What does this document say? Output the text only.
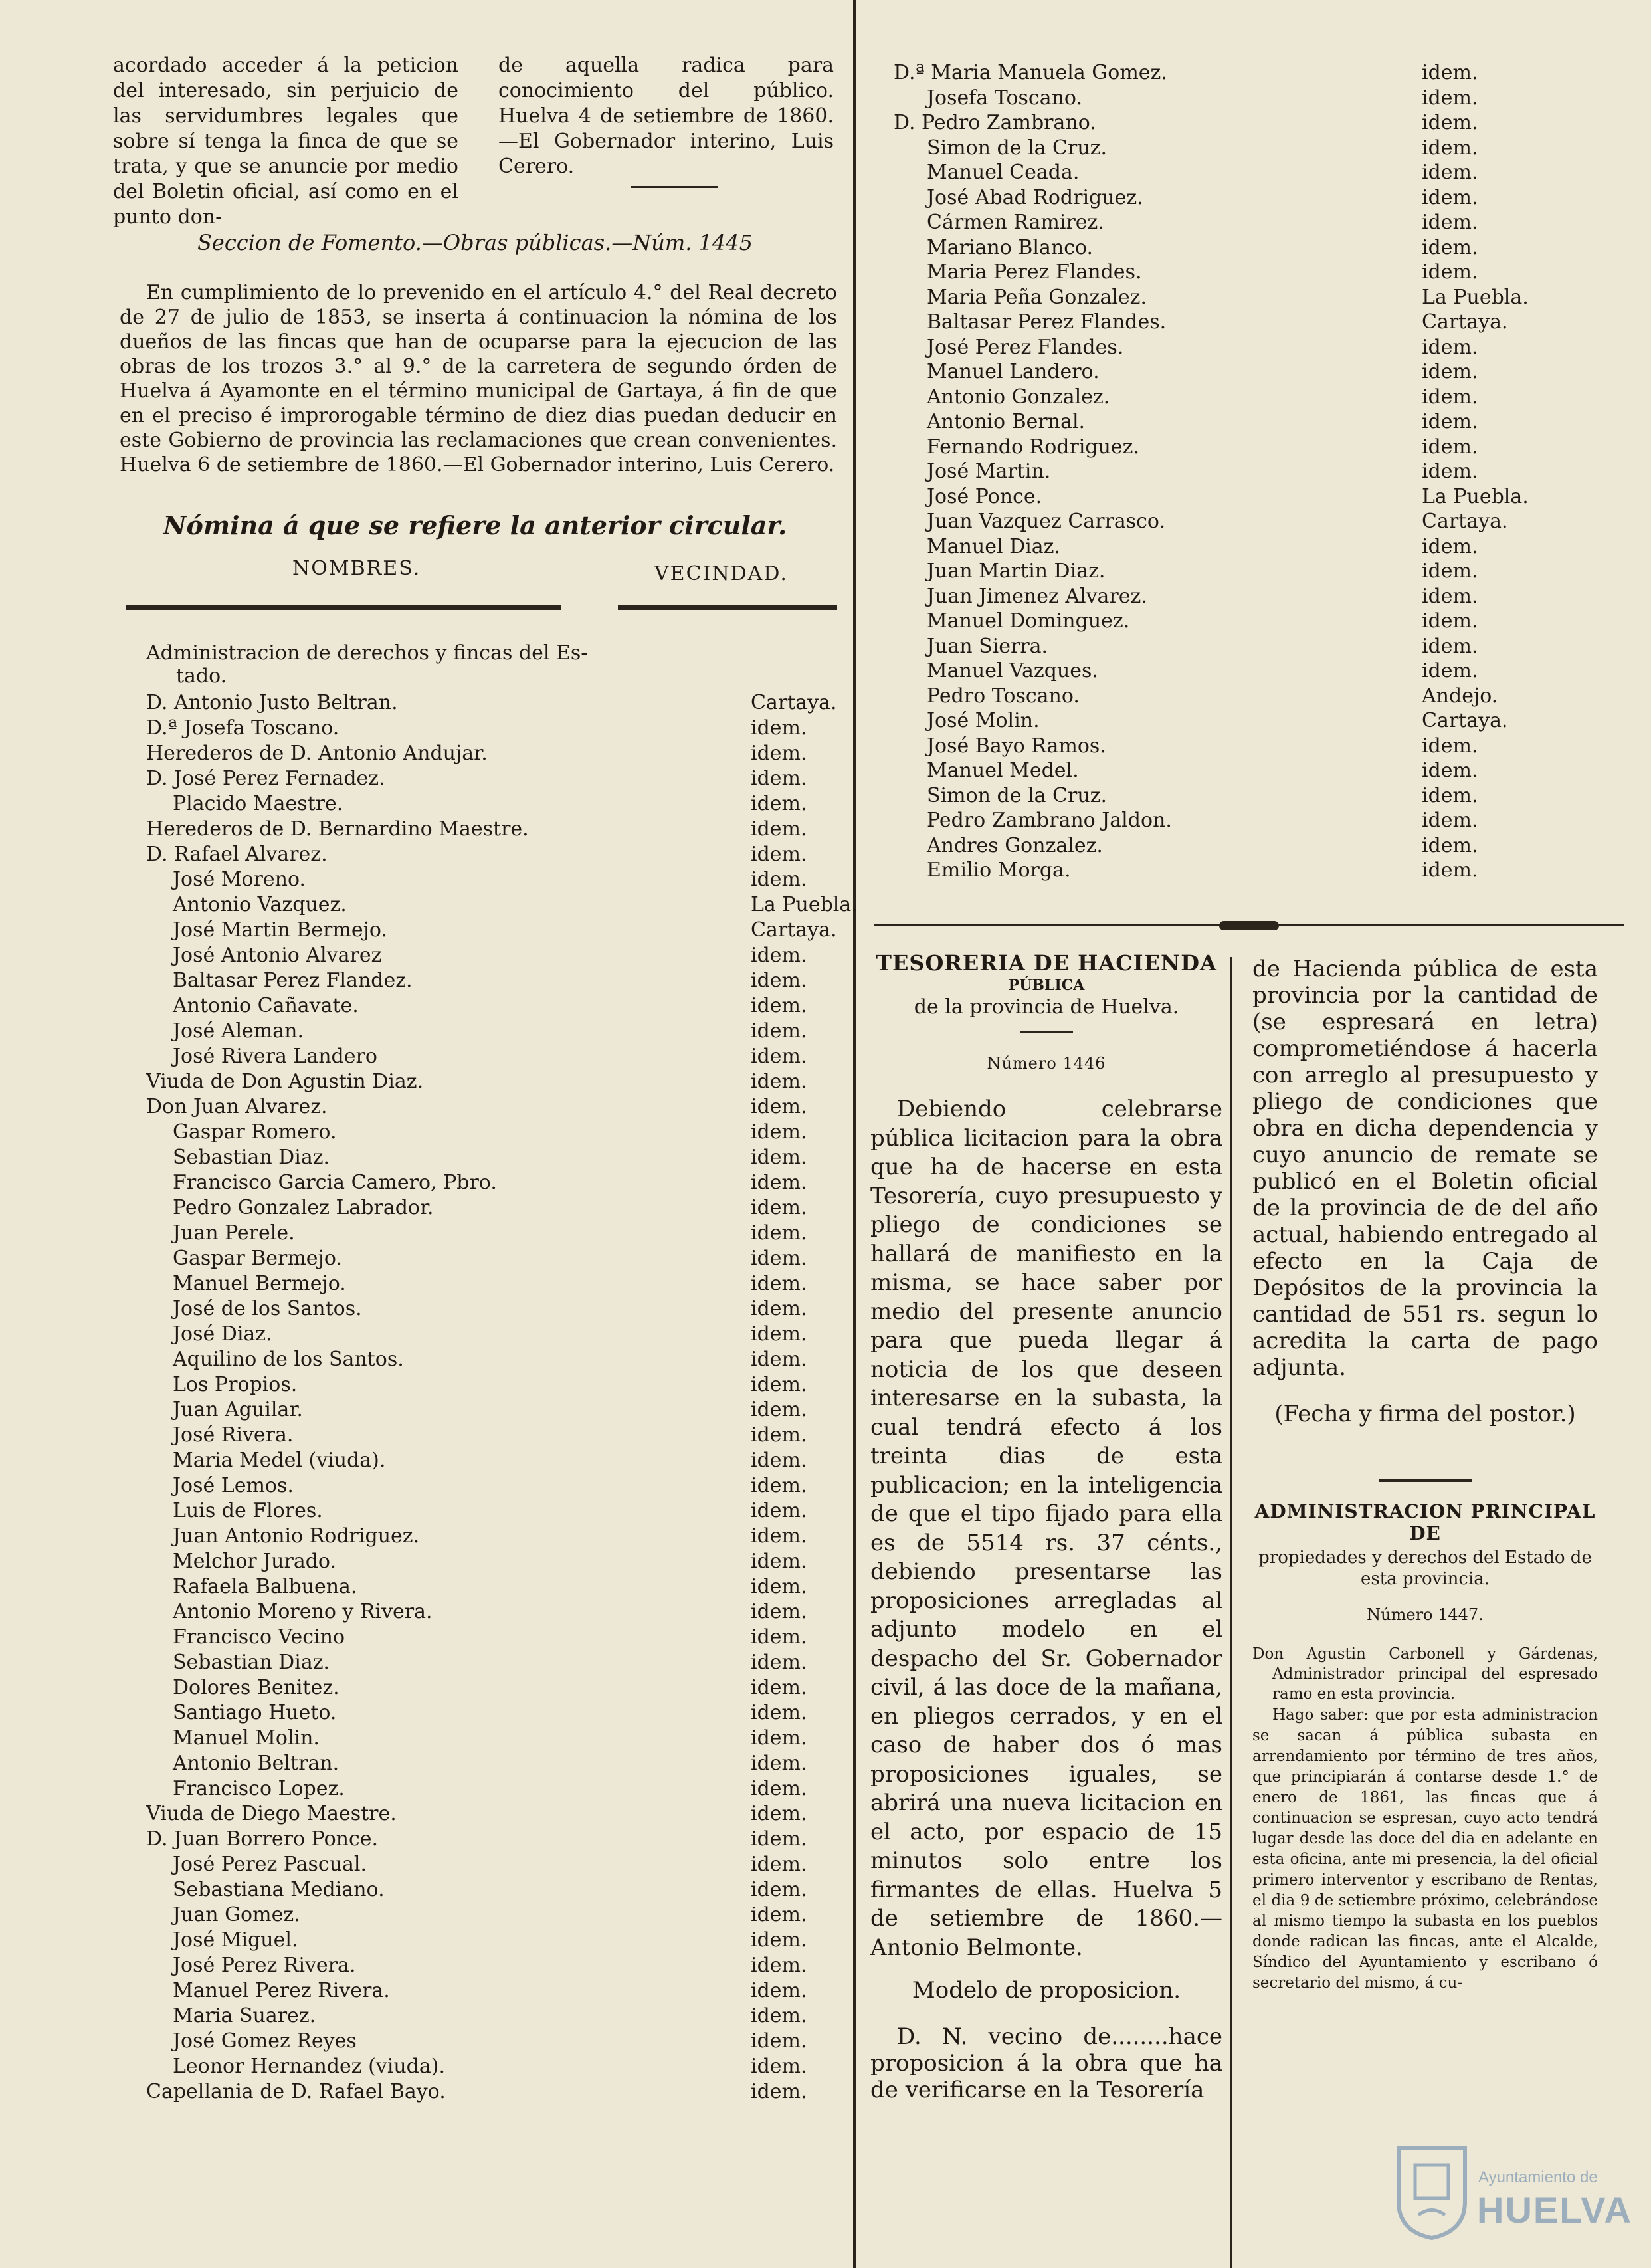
acordado acceder á la peticion del interesado, sin perjuicio de las servidumbres legales que sobre sí tenga la finca de que se trata, y que se anuncie por medio del Boletin oficial, así como en el punto don-

de aquella radica para conocimiento del público. Huelva 4 de setiembre de 1860.—El Gobernador interino, Luis Cerero.

Seccion de Fomento.—Obras públicas.—Núm. 1445

En cumplimiento de lo prevenido en el artículo 4.° del Real decreto de 27 de julio de 1853, se inserta á continuacion la nómina de los dueños de las fincas que han de ocuparse para la ejecucion de las obras de los trozos 3.° al 9.° de la carretera de segundo órden de Huelva á Ayamonte en el término municipal de Gartaya, á fin de que en el preciso é improrogable término de diez dias puedan deducir en este Gobierno de provincia las reclamaciones que crean convenientes. Huelva 6 de setiembre de 1860.—El Gobernador interino, Luis Cerero.

Nómina á que se refiere la anterior circular.

NOMBRES.	VECINDAD.

Administracion de derechos y fincas del Es-

tado.

D. Antonio Justo Beltran.	Cartaya.
D.ª Josefa Toscano.	idem.
Herederos de D. Antonio Andujar.	idem.
D. José Perez Fernadez.	idem.
Placido Maestre.	idem.
Herederos de D. Bernardino Maestre.	idem.
D. Rafael Alvarez.	idem.
José Moreno.	idem.
Antonio Vazquez.	La Puebla.
José Martin Bermejo.	Cartaya.
José Antonio Alvarez	idem.
Baltasar Perez Flandez.	idem.
Antonio Cañavate.	idem.
José Aleman.	idem.
José Rivera Landero	idem.
Viuda de Don Agustin Diaz.	idem.
Don Juan Alvarez.	idem.
Gaspar Romero.	idem.
Sebastian Diaz.	idem.
Francisco Garcia Camero, Pbro.	idem.
Pedro Gonzalez Labrador.	idem.
Juan Perele.	idem.
Gaspar Bermejo.	idem.
Manuel Bermejo.	idem.
José de los Santos.	idem.
José Diaz.	idem.
Aquilino de los Santos.	idem.
Los Propios.	idem.
Juan Aguilar.	idem.
José Rivera.	idem.
Maria Medel (viuda).	idem.
José Lemos.	idem.
Luis de Flores.	idem.
Juan Antonio Rodriguez.	idem.
Melchor Jurado.	idem.
Rafaela Balbuena.	idem.
Antonio Moreno y Rivera.	idem.
Francisco Vecino	idem.
Sebastian Diaz.	idem.
Dolores Benitez.	idem.
Santiago Hueto.	idem.
Manuel Molin.	idem.
Antonio Beltran.	idem.
Francisco Lopez.	idem.
Viuda de Diego Maestre.	idem.
D. Juan Borrero Ponce.	idem.
José Perez Pascual.	idem.
Sebastiana Mediano.	idem.
Juan Gomez.	idem.
José Miguel.	idem.
José Perez Rivera.	idem.
Manuel Perez Rivera.	idem.
Maria Suarez.	idem.
José Gomez Reyes	idem.
Leonor Hernandez (viuda).	idem.
Capellania de D. Rafael Bayo.	idem.
D.ª Maria Manuela Gomez.	idem.
Josefa Toscano.	idem.
D. Pedro Zambrano.	idem.
Simon de la Cruz.	idem.
Manuel Ceada.	idem.
José Abad Rodriguez.	idem.
Cármen Ramirez.	idem.
Mariano Blanco.	idem.
Maria Perez Flandes.	idem.
Maria Peña Gonzalez.	La Puebla.
Baltasar Perez Flandes.	Cartaya.
José Perez Flandes.	idem.
Manuel Landero.	idem.
Antonio Gonzalez.	idem.
Antonio Bernal.	idem.
Fernando Rodriguez.	idem.
José Martin.	idem.
José Ponce.	La Puebla.
Juan Vazquez Carrasco.	Cartaya.
Manuel Diaz.	idem.
Juan Martin Diaz.	idem.
Juan Jimenez Alvarez.	idem.
Manuel Dominguez.	idem.
Juan Sierra.	idem.
Manuel Vazques.	idem.
Pedro Toscano.	Andejo.
José Molin.	Cartaya.
José Bayo Ramos.	idem.
Manuel Medel.	idem.
Simon de la Cruz.	idem.
Pedro Zambrano Jaldon.	idem.
Andres Gonzalez.	idem.
Emilio Morga.	idem.

TESORERIA DE HACIENDA

PÚBLICA

de la provincia de Huelva.

Número 1446

Debiendo celebrarse pública licitacion para la obra que ha de hacerse en esta Tesorería, cuyo presupuesto y pliego de condiciones se hallará de manifiesto en la misma, se hace saber por medio del presente anuncio para que pueda llegar á noticia de los que deseen interesarse en la subasta, la cual tendrá efecto á los treinta dias de esta publicacion; en la inteligencia de que el tipo fijado para ella es de 5514 rs. 37 cénts., debiendo presentarse las proposiciones arregladas al adjunto modelo en el despacho del Sr. Gobernador civil, á las doce de la mañana, en pliegos cerrados, y en el caso de haber dos ó mas proposiciones iguales, se abrirá una nueva licitacion en el acto, por espacio de 15 minutos solo entre los firmantes de ellas. Huelva 5 de setiembre de 1860.—Antonio Belmonte.

Modelo de proposicion.

D. N. vecino de........hace proposicion á la obra que ha de verificarse en la Tesorería

de Hacienda pública de esta provincia por la cantidad de (se espresará en letra) comprometiéndose á hacerla con arreglo al presupuesto y pliego de condiciones que obra en dicha dependencia y cuyo anuncio de remate se publicó en el Boletin oficial de la provincia de de del año actual, habiendo entregado al efecto en la Caja de Depósitos de la provincia la cantidad de 551 rs. segun lo acredita la carta de pago adjunta.

(Fecha y firma del postor.)

ADMINISTRACION PRINCIPAL DE

propiedades y derechos del Estado de esta provincia.

Número 1447.

Don Agustin Carbonell y Gárdenas, Administrador principal del espresado ramo en esta provincia.

Hago saber: que por esta administracion se sacan á pública subasta en arrendamiento por término de tres años, que principiarán á contarse desde 1.° de enero de 1861, las fincas que á continuacion se espresan, cuyo acto tendrá lugar desde las doce del dia en adelante en esta oficina, ante mi presencia, la del oficial primero interventor y escribano de Rentas, el dia 9 de setiembre próximo, celebrándose al mismo tiempo la subasta en los pueblos donde radican las fincas, ante el Alcalde, Síndico del Ayuntamiento y escribano ó secretario del mismo, á cu-

Ayuntamiento de
HUELVA
